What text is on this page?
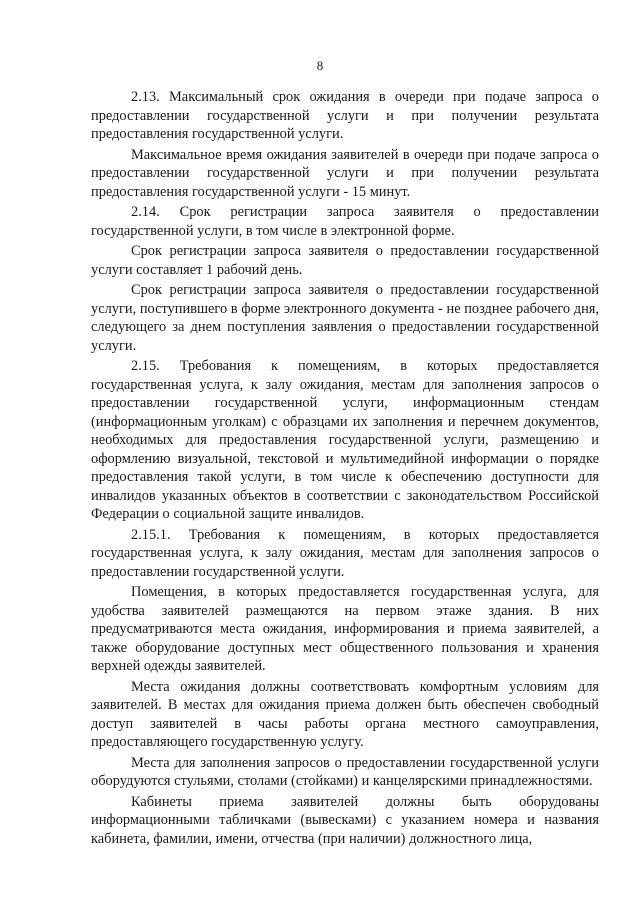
8

2.13. Максимальный срок ожидания в очереди при подаче запроса о предоставлении государственной услуги и при получении результата предоставления государственной услуги.

Максимальное время ожидания заявителей в очереди при подаче запроса о предоставлении государственной услуги и при получении результата предоставления государственной услуги - 15 минут.

2.14. Срок регистрации запроса заявителя о предоставлении государственной услуги, в том числе в электронной форме.

Срок регистрации запроса заявителя о предоставлении государственной услуги составляет 1 рабочий день.

Срок регистрации запроса заявителя о предоставлении государственной услуги, поступившего в форме электронного документа - не позднее рабочего дня, следующего за днем поступления заявления о предоставлении государственной услуги.

2.15. Требования к помещениям, в которых предоставляется государственная услуга, к залу ожидания, местам для заполнения запросов о предоставлении государственной услуги, информационным стендам (информационным уголкам) с образцами их заполнения и перечнем документов, необходимых для предоставления государственной услуги, размещению и оформлению визуальной, текстовой и мультимедийной информации о порядке предоставления такой услуги, в том числе к обеспечению доступности для инвалидов указанных объектов в соответствии с законодательством Российской Федерации о социальной защите инвалидов.

2.15.1. Требования к помещениям, в которых предоставляется государственная услуга, к залу ожидания, местам для заполнения запросов о предоставлении государственной услуги.

Помещения, в которых предоставляется государственная услуга, для удобства заявителей размещаются на первом этаже здания. В них предусматриваются места ожидания, информирования и приема заявителей, а также оборудование доступных мест общественного пользования и хранения верхней одежды заявителей.

Места ожидания должны соответствовать комфортным условиям для заявителей. В местах для ожидания приема должен быть обеспечен свободный доступ заявителей в часы работы органа местного самоуправления, предоставляющего государственную услугу.

Места для заполнения запросов о предоставлении государственной услуги оборудуются стульями, столами (стойками) и канцелярскими принадлежностями.

Кабинеты приема заявителей должны быть оборудованы информационными табличками (вывесками) с указанием номера и названия кабинета, фамилии, имени, отчества (при наличии) должностного лица,
